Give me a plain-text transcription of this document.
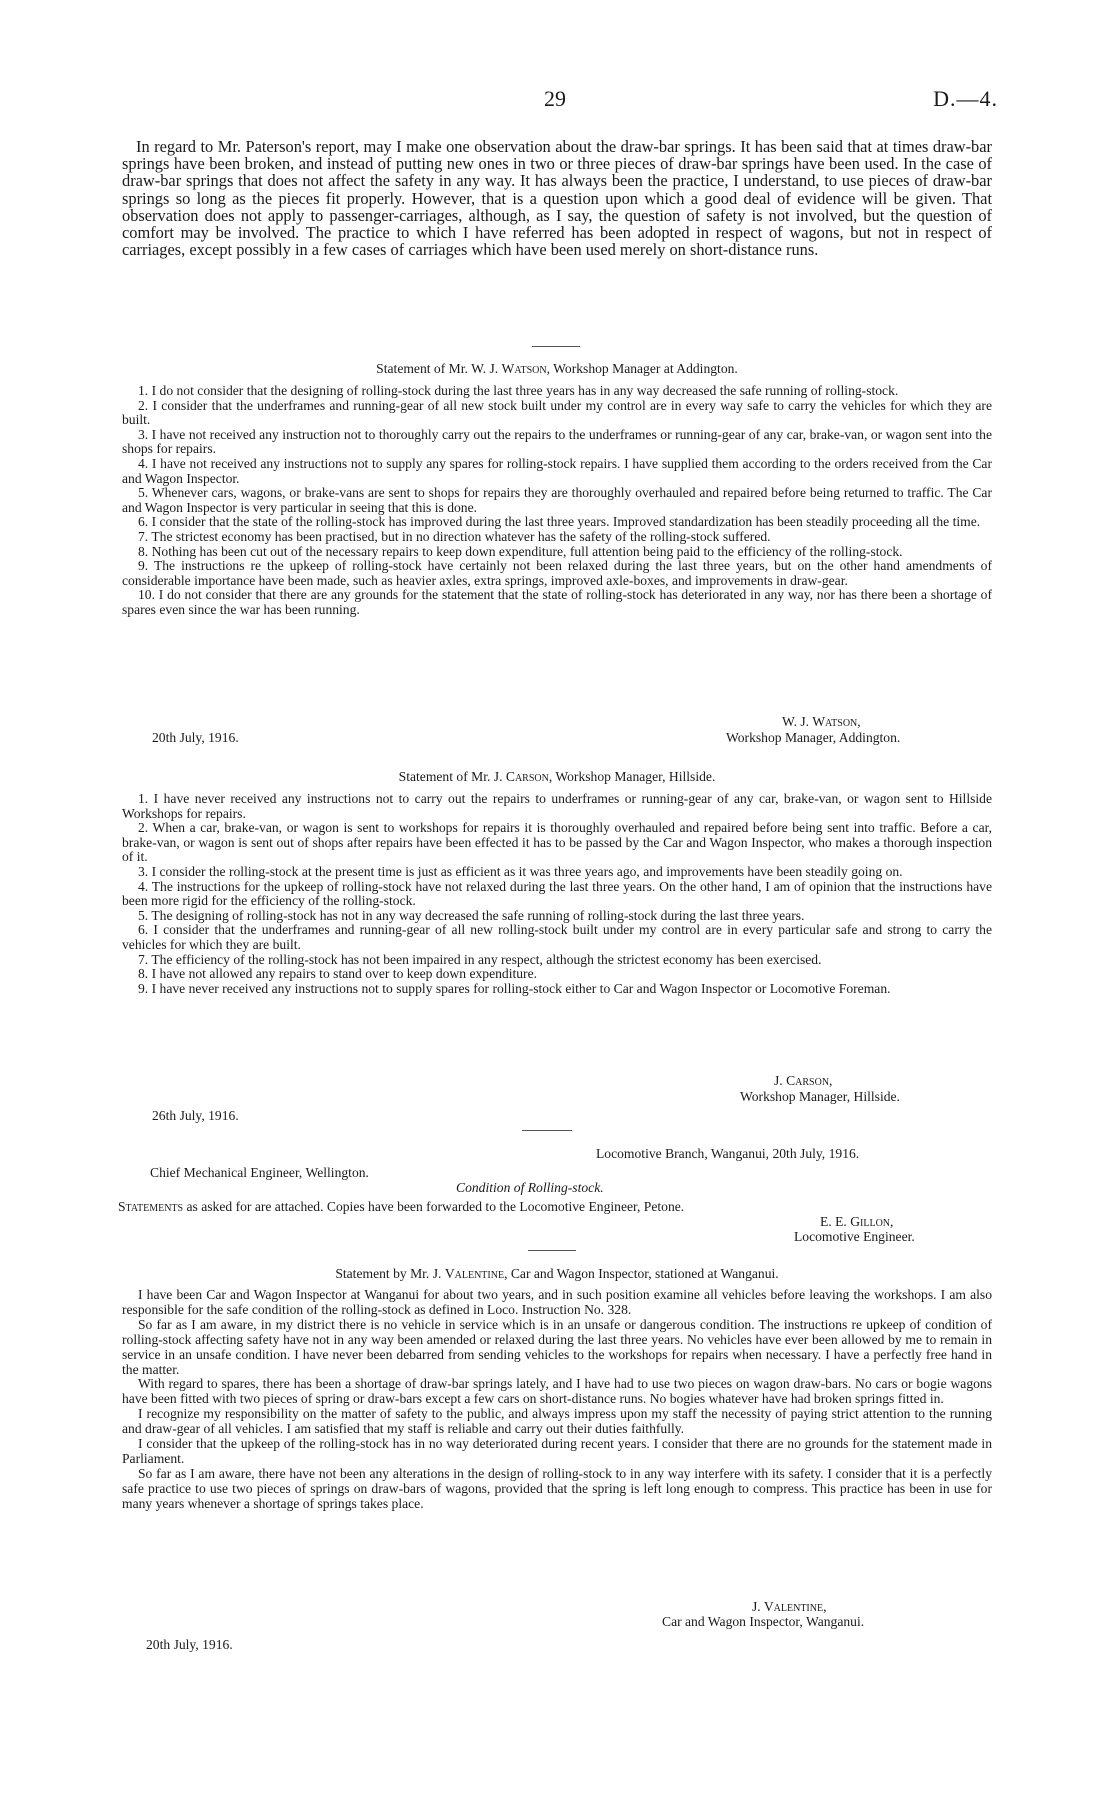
29	D.—4.

In regard to Mr. Paterson's report, may I make one observation about the draw-bar springs. It has been said that at times draw-bar springs have been broken, and instead of putting new ones in two or three pieces of draw-bar springs have been used. In the case of draw-bar springs that does not affect the safety in any way. It has always been the practice, I understand, to use pieces of draw-bar springs so long as the pieces fit properly. However, that is a question upon which a good deal of evidence will be given. That observation does not apply to passenger-carriages, although, as I say, the question of safety is not involved, but the question of comfort may be involved. The practice to which I have referred has been adopted in respect of wagons, but not in respect of carriages, except possibly in a few cases of carriages which have been used merely on short-distance runs.

Statement of Mr. W. J. Watson, Workshop Manager at Addington.

1. I do not consider that the designing of rolling-stock during the last three years has in any way decreased the safe running of rolling-stock.

2. I consider that the underframes and running-gear of all new stock built under my control are in every way safe to carry the vehicles for which they are built.

3. I have not received any instruction not to thoroughly carry out the repairs to the underframes or running-gear of any car, brake-van, or wagon sent into the shops for repairs.

4. I have not received any instructions not to supply any spares for rolling-stock repairs. I have supplied them according to the orders received from the Car and Wagon Inspector.

5. Whenever cars, wagons, or brake-vans are sent to shops for repairs they are thoroughly overhauled and repaired before being returned to traffic. The Car and Wagon Inspector is very particular in seeing that this is done.

6. I consider that the state of the rolling-stock has improved during the last three years. Improved standardization has been steadily proceeding all the time.

7. The strictest economy has been practised, but in no direction whatever has the safety of the rolling-stock suffered.

8. Nothing has been cut out of the necessary repairs to keep down expenditure, full attention being paid to the efficiency of the rolling-stock.

9. The instructions re the upkeep of rolling-stock have certainly not been relaxed during the last three years, but on the other hand amendments of considerable importance have been made, such as heavier axles, extra springs, improved axle-boxes, and improvements in draw-gear.

10. I do not consider that there are any grounds for the statement that the state of rolling-stock has deteriorated in any way, nor has there been a shortage of spares even since the war has been running.

W. J. Watson,
Workshop Manager, Addington.
20th July, 1916.
Statement of Mr. J. Carson, Workshop Manager, Hillside.

1. I have never received any instructions not to carry out the repairs to underframes or running-gear of any car, brake-van, or wagon sent to Hillside Workshops for repairs.

2. When a car, brake-van, or wagon is sent to workshops for repairs it is thoroughly overhauled and repaired before being sent into traffic. Before a car, brake-van, or wagon is sent out of shops after repairs have been effected it has to be passed by the Car and Wagon Inspector, who makes a thorough inspection of it.

3. I consider the rolling-stock at the present time is just as efficient as it was three years ago, and improvements have been steadily going on.

4. The instructions for the upkeep of rolling-stock have not relaxed during the last three years. On the other hand, I am of opinion that the instructions have been more rigid for the efficiency of the rolling-stock.

5. The designing of rolling-stock has not in any way decreased the safe running of rolling-stock during the last three years.

6. I consider that the underframes and running-gear of all new rolling-stock built under my control are in every particular safe and strong to carry the vehicles for which they are built.

7. The efficiency of the rolling-stock has not been impaired in any respect, although the strictest economy has been exercised.

8. I have not allowed any repairs to stand over to keep down expenditure.

9. I have never received any instructions not to supply spares for rolling-stock either to Car and Wagon Inspector or Locomotive Foreman.

J. Carson,
Workshop Manager, Hillside.
26th July, 1916.
Locomotive Branch, Wanganui, 20th July, 1916.
Chief Mechanical Engineer, Wellington.
Condition of Rolling-stock.
Statements as asked for are attached. Copies have been forwarded to the Locomotive Engineer, Petone.
E. E. Gillon,
Locomotive Engineer.
Statement by Mr. J. Valentine, Car and Wagon Inspector, stationed at Wanganui.

I have been Car and Wagon Inspector at Wanganui for about two years, and in such position examine all vehicles before leaving the workshops. I am also responsible for the safe condition of the rolling-stock as defined in Loco. Instruction No. 328.

So far as I am aware, in my district there is no vehicle in service which is in an unsafe or dangerous condition. The instructions re upkeep of condition of rolling-stock affecting safety have not in any way been amended or relaxed during the last three years. No vehicles have ever been allowed by me to remain in service in an unsafe condition. I have never been debarred from sending vehicles to the workshops for repairs when necessary. I have a perfectly free hand in the matter.

With regard to spares, there has been a shortage of draw-bar springs lately, and I have had to use two pieces on wagon draw-bars. No cars or bogie wagons have been fitted with two pieces of spring or draw-bars except a few cars on short-distance runs. No bogies whatever have had broken springs fitted in.

I recognize my responsibility on the matter of safety to the public, and always impress upon my staff the necessity of paying strict attention to the running and draw-gear of all vehicles. I am satisfied that my staff is reliable and carry out their duties faithfully.

I consider that the upkeep of the rolling-stock has in no way deteriorated during recent years. I consider that there are no grounds for the statement made in Parliament.

So far as I am aware, there have not been any alterations in the design of rolling-stock to in any way interfere with its safety. I consider that it is a perfectly safe practice to use two pieces of springs on draw-bars of wagons, provided that the spring is left long enough to compress. This practice has been in use for many years whenever a shortage of springs takes place.

J. Valentine,
Car and Wagon Inspector, Wanganui.
20th July, 1916.
